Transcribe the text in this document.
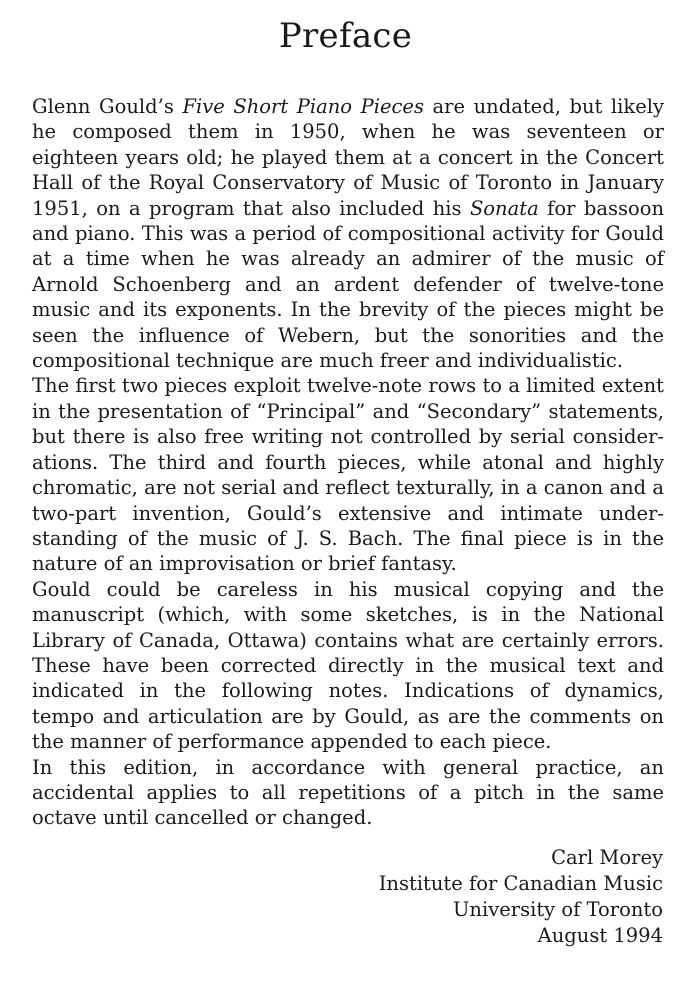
Preface

Glenn Gould’s Five Short Piano Pieces are undated, but likely he composed them in 1950, when he was seventeen or eighteen years old; he played them at a concert in the Concert Hall of the Royal Conservatory of Music of Toronto in January 1951, on a program that also included his Sonata for bassoon and piano. This was a period of compositional activity for Gould at a time when he was already an admirer of the music of Arnold Schoenberg and an ardent defender of twelve-tone music and its exponents. In the brevity of the pieces might be seen the influence of Webern, but the sonorities and the compositional technique are much freer and individualistic.

The first two pieces exploit twelve-note rows to a limited extent in the presentation of “Principal” and “Secondary” statements, but there is also free writing not controlled by serial considerations. The third and fourth pieces, while atonal and highly chromatic, are not serial and reflect texturally, in a canon and a two-part invention, Gould’s extensive and intimate understanding of the music of J. S. Bach. The final piece is in the nature of an improvisation or brief fantasy.

Gould could be careless in his musical copying and the manuscript (which, with some sketches, is in the National Library of Canada, Ottawa) contains what are certainly errors. These have been corrected directly in the musical text and indicated in the following notes. Indications of dynamics, tempo and articulation are by Gould, as are the comments on the manner of performance appended to each piece.

In this edition, in accordance with general practice, an accidental applies to all repetitions of a pitch in the same octave until cancelled or changed.

Carl Morey
Institute for Canadian Music
University of Toronto
August 1994
